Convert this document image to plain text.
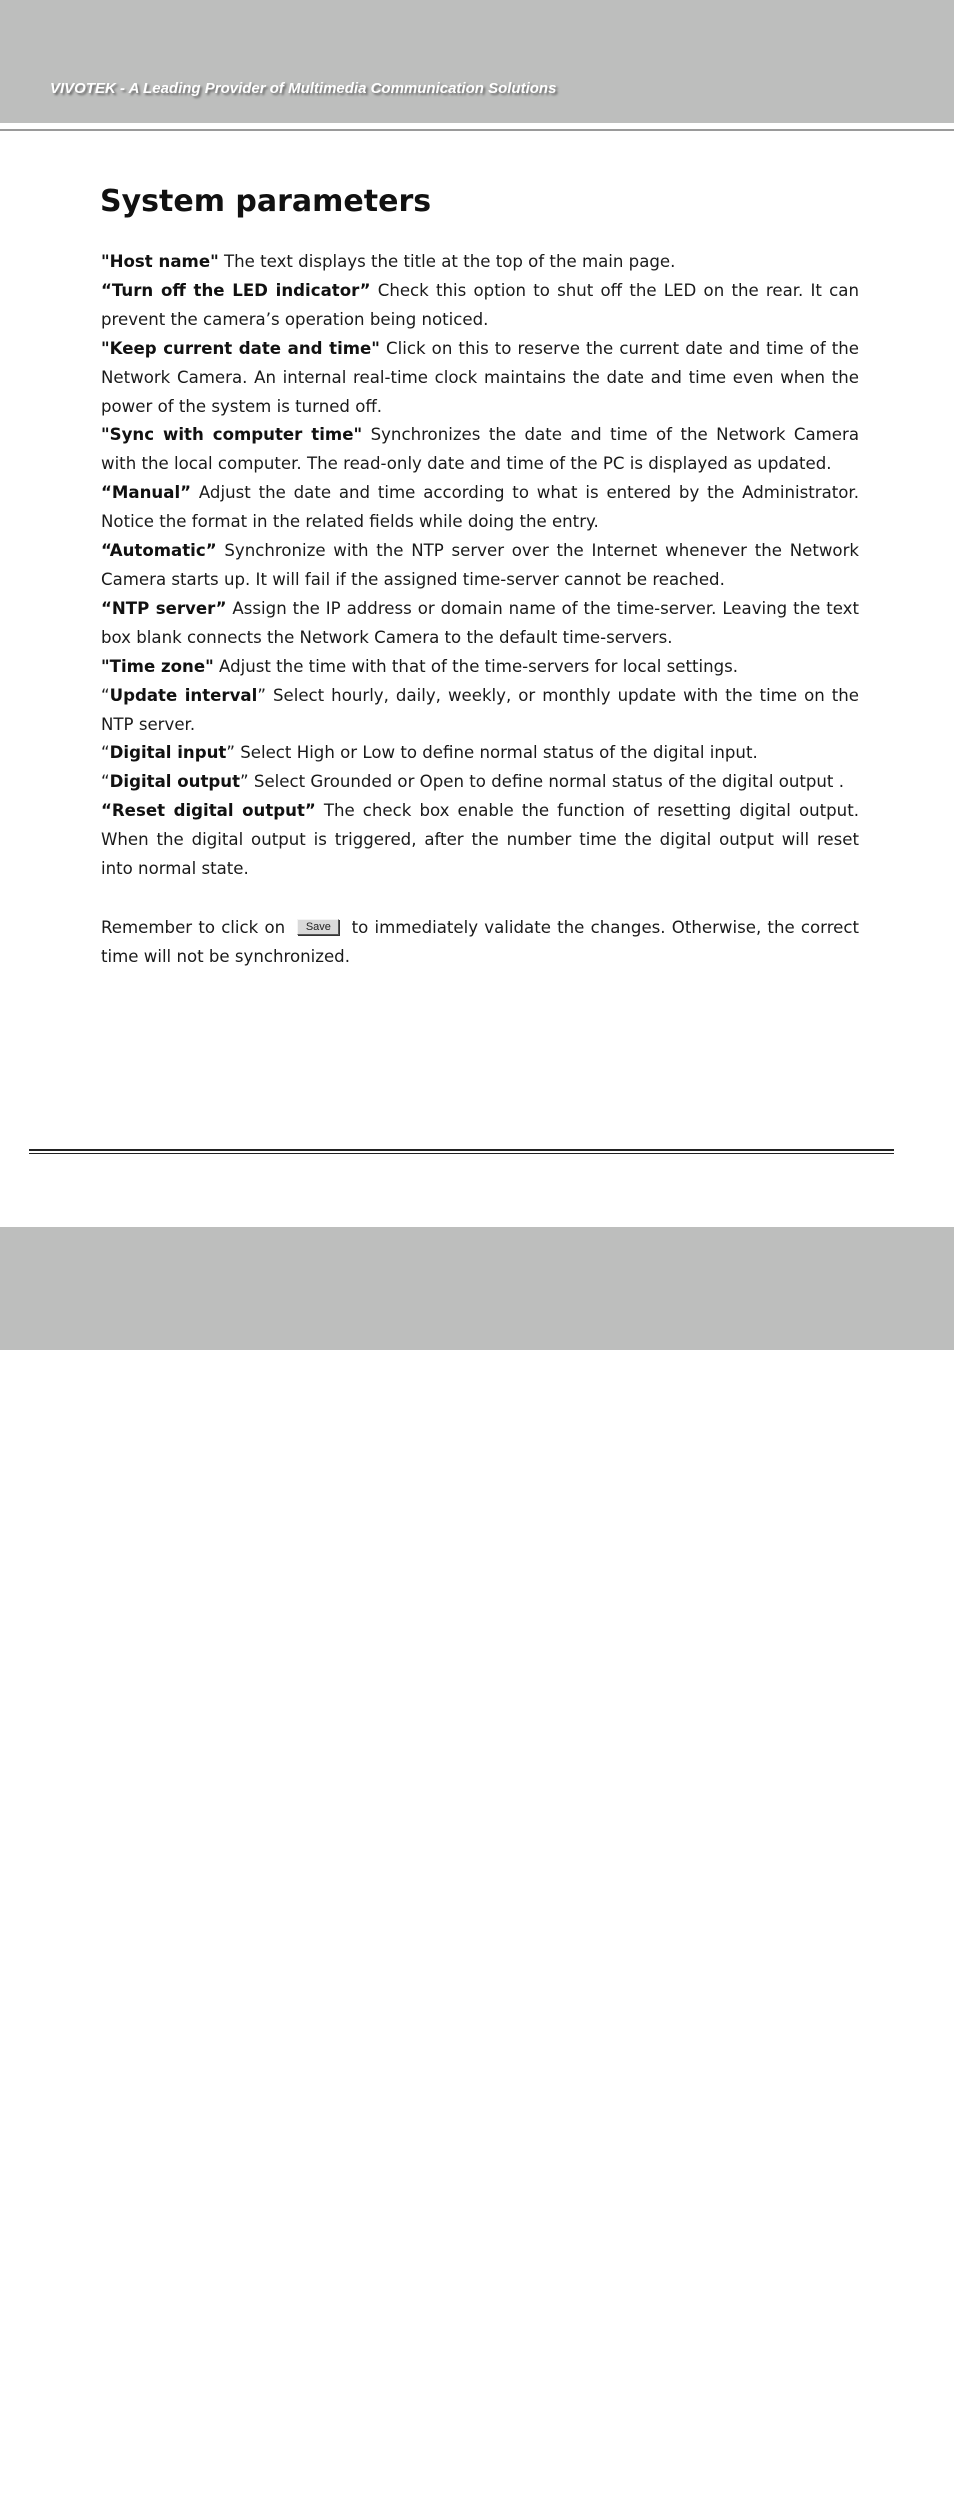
VIVOTEK - A Leading Provider of Multimedia Communication Solutions
System parameters

"Host name" The text displays the title at the top of the main page.

“Turn off the LED indicator” Check this option to shut off the LED on the rear. It can prevent the camera’s operation being noticed.

"Keep current date and time" Click on this to reserve the current date and time of the Network Camera. An internal real-time clock maintains the date and time even when the power of the system is turned off.

"Sync with computer time" Synchronizes the date and time of the Network Camera with the local computer. The read-only date and time of the PC is displayed as updated.

“Manual” Adjust the date and time according to what is entered by the Administrator. Notice the format in the related fields while doing the entry.

“Automatic” Synchronize with the NTP server over the Internet whenever the Network Camera starts up. It will fail if the assigned time-server cannot be reached.

“NTP server” Assign the IP address or domain name of the time-server. Leaving the text box blank connects the Network Camera to the default time-servers.

"Time zone" Adjust the time with that of the time-servers for local settings.

“Update interval” Select hourly, daily, weekly, or monthly update with the time on the NTP server.

“Digital input” Select High or Low to define normal status of the digital input.

“Digital output” Select Grounded or Open to define normal status of the digital output .

“Reset digital output” The check box enable the function of resetting digital output. When the digital output is triggered, after the number time the digital output will reset into normal state.

Remember to click on Save to immediately validate the changes. Otherwise, the correct time will not be synchronized.

25 - User's Manual
